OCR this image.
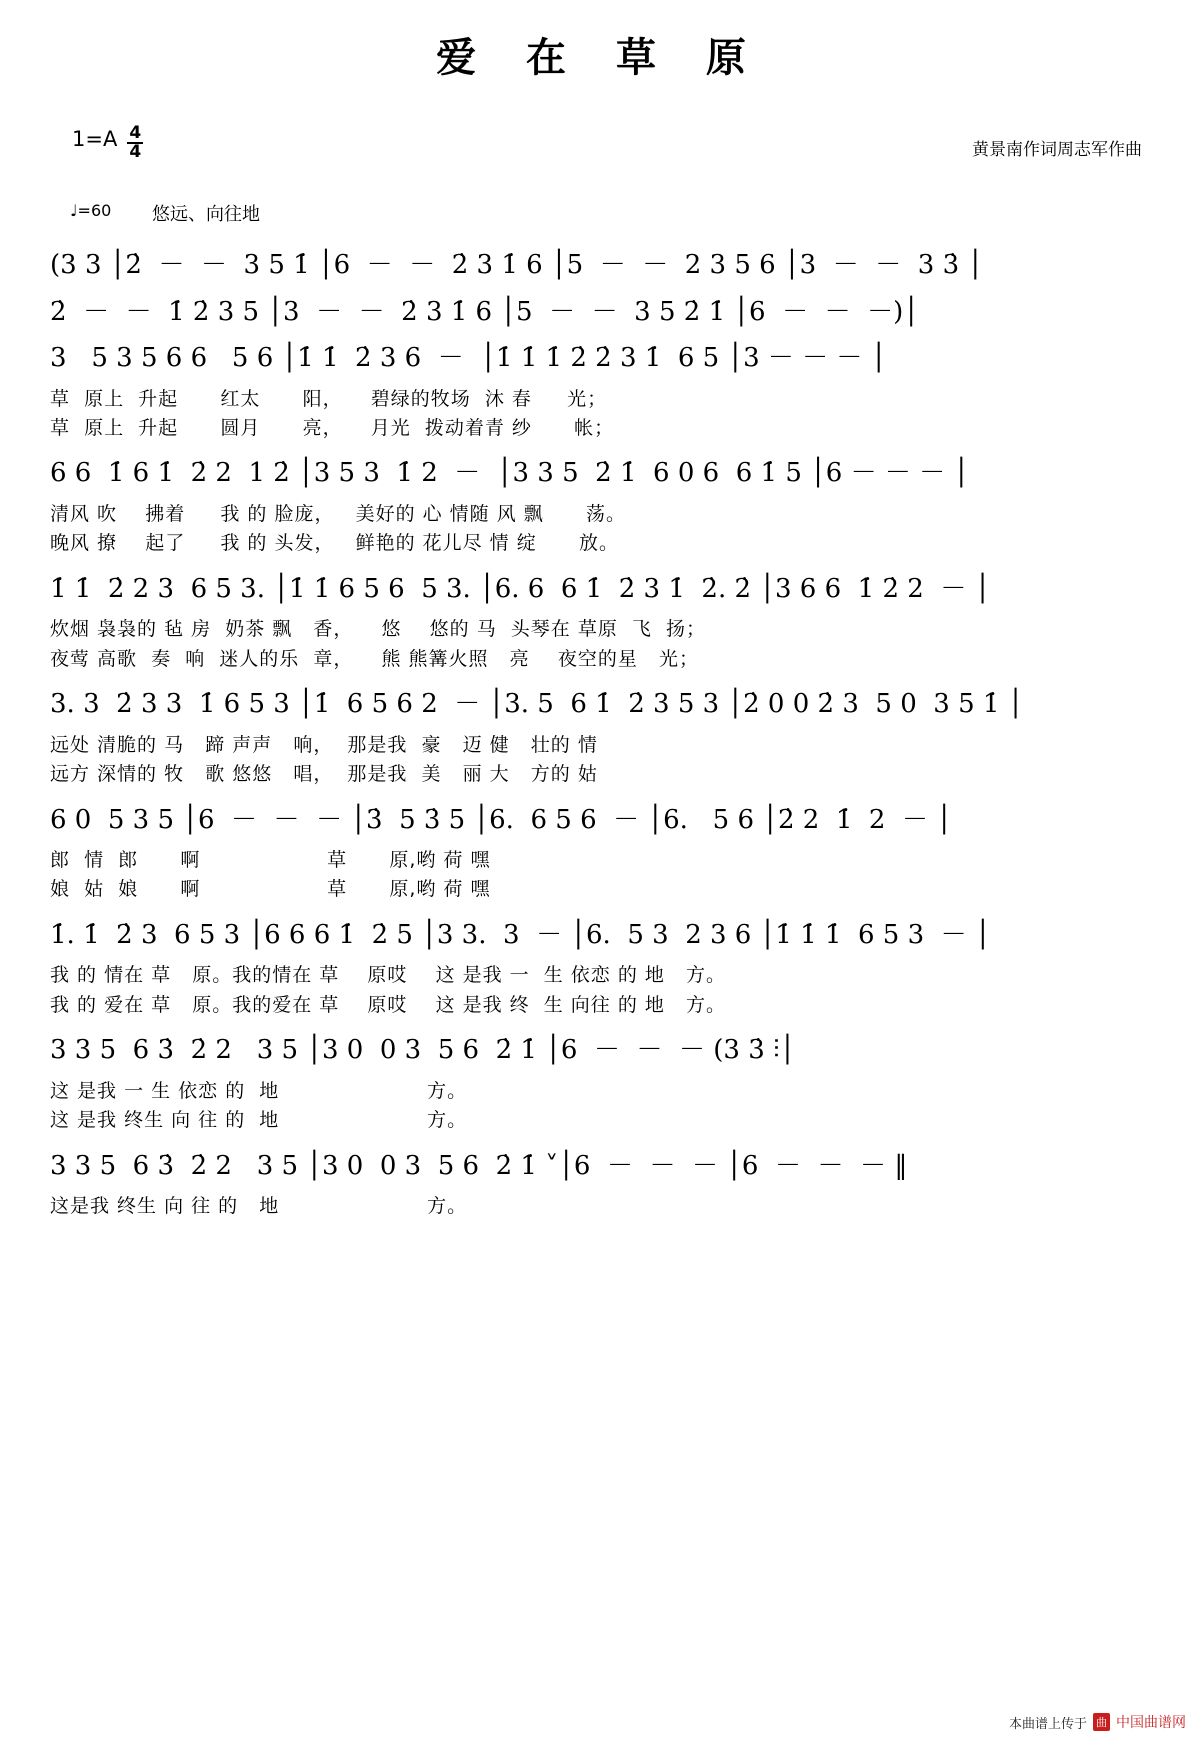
爱 在 草 原
$1=A \frac{4}{4}$	黄景南作词周志军作曲
♩=60 悠远、向往地
(3 3 │2̇  －  －  3 5 1̇ │6  －  －  2̇ 3 1̇ 6 │5  －  －  2 3 5 6 │3  －  －  3 3̇ │
2̇  －  －  1̇ 2̇ 3 5 │3  －  －  2̇ 3 1̇ 6 │5  －  －  3 5 2̇ 1̇ │6  －  －  －)│
3   5 3 5 6 6   5 6 │1̇ 1̇  2̇ 3 6  －  │1̇ 1̇ 1̇ 2̇ 2̇ 3 1̇  6 5 │3 － － － │
草  原上  升起      红太      阳，    碧绿的牧场  沐 春     光；
草  原上  升起      圆月      亮，    月光  拨动着青 纱      帐；
6 6  1̇ 6 1̇  2̇ 2  1 2̇ │3 5 3  1̇ 2  －  │3 3 5  2̇ 1̇  6 0 6  6 1̇ 5 │6 － － － │
清风 吹    拂着     我 的 脸庞，   美好的 心 情随 风 飘      荡。
晚风 撩    起了     我 的 头发，   鲜艳的 花儿尽 情 绽      放。
1̇ 1̇  2̇ 2 3  6 5 3. │1̇ 1̇ 6 5 6  5 3. │6. 6  6 1̇  2̇ 3 1̇  2̇. 2̇ │3 6 6  1̇ 2̇ 2  － │
炊烟 袅袅的 毡 房  奶茶 飘   香，    悠    悠的 马  头琴在 草原  飞  扬；
夜莺 高歌  奏  响  迷人的乐  章，    熊 熊篝火照   亮    夜空的星   光；
3. 3  2̇ 3 3  1̇ 6 5 3 │1̇  6 5 6 2  － │3. 5  6 1̇  2̇ 3 5 3 │2̇ 0 0 2̇ 3  5 0  3 5 1̇ │
远处 清脆的 马   蹄 声声   响，  那是我  豪   迈 健   壮的 情
远方 深情的 牧   歌 悠悠   唱，  那是我  美   丽 大   方的 姑
6 0  5 3 5 │6  －  －  － │3̇  5 3̇ 5 │6.  6 5 6  － │6.   5 6 │2̇ 2  1̇  2  － │
郎  情  郎      啊                  草      原,哟 荷 嘿
娘  姑  娘      啊                  草      原,哟 荷 嘿
1̇. 1̇  2̇ 3  6 5 3 │6 6 6 1̇  2̇ 5 │3 3.  3  － │6.  5 3  2 3 6 │1̇ 1̇ 1̇  6 5 3  － │
我 的 情在 草   原。我的情在 草    原哎    这 是我 一  生 依恋 的 地   方。
我 的 爱在 草   原。我的爱在 草    原哎    这 是我 终  生 向往 的 地   方。
3 3 5  6 3̇  2̇ 2   3 5 │3 0  0 3  5 6  2̇ 1̇ │6  －  －  － (3 3̇ ⫶│
这 是我 一 生 依恋 的  地                     方。
这 是我 终生 向 往 的  地                     方。
3 3 5  6 3̇  2̇ 2   3 5 │3 0  0 3  5 6  2̇ 1̇ ˅│6  －  －  － │6  －  －  － ‖
这是我 终生 向 往 的   地                     方。
本曲谱上传于 曲 中国曲谱网
